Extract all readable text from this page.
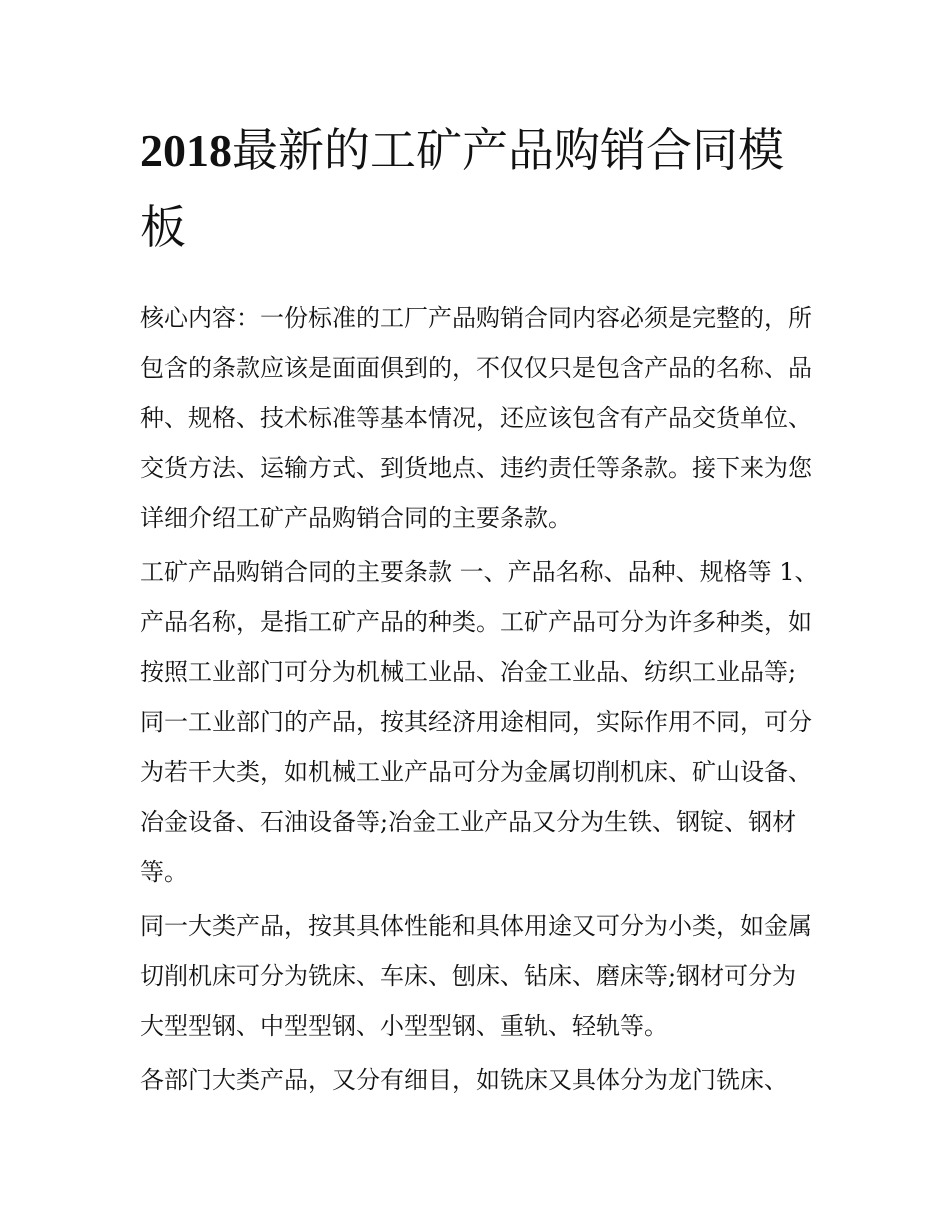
2018最新的工矿产品购销合同模板

核心内容：一份标准的工厂产品购销合同内容必须是完整的，所包含的条款应该是面面俱到的，不仅仅只是包含产品的名称、品种、规格、技术标准等基本情况，还应该包含有产品交货单位、交货方法、运输方式、到货地点、违约责任等条款。接下来为您详细介绍工矿产品购销合同的主要条款。

工矿产品购销合同的主要条款 一、产品名称、品种、规格等 1、产品名称，是指工矿产品的种类。工矿产品可分为许多种类，如按照工业部门可分为机械工业品、冶金工业品、纺织工业品等;同一工业部门的产品，按其经济用途相同，实际作用不同，可分为若干大类，如机械工业产品可分为金属切削机床、矿山设备、冶金设备、石油设备等;冶金工业产品又分为生铁、钢锭、钢材等。

同一大类产品，按其具体性能和具体用途又可分为小类，如金属切削机床可分为铣床、车床、刨床、钻床、磨床等;钢材可分为大型型钢、中型型钢、小型型钢、重轨、轻轨等。

各部门大类产品，又分有细目，如铣床又具体分为龙门铣床、
